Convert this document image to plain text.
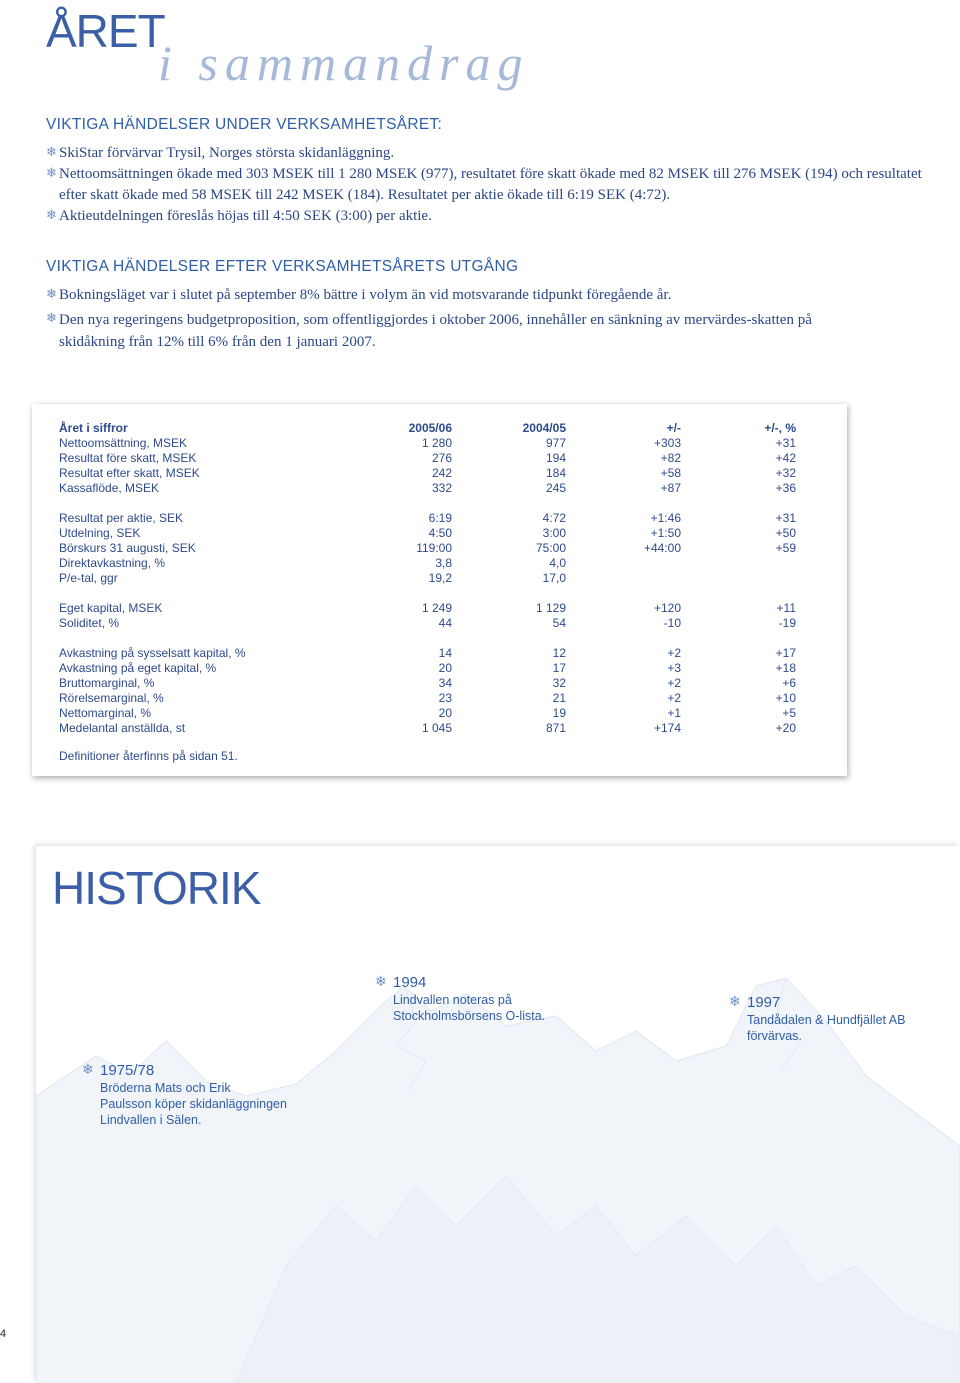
ÅRET
i sammandrag
VIKTIGA HÄNDELSER UNDER VERKSAMHETSÅRET:
❄ SkiStar förvärvar Trysil, Norges största skidanläggning.
❄ Nettoomsättningen ökade med 303 MSEK till 1 280 MSEK (977), resultatet före skatt ökade med 82 MSEK till 276 MSEK (194) och resultatet efter skatt ökade med 58 MSEK till 242 MSEK (184). Resultatet per aktie ökade till 6:19 SEK (4:72).
❄ Aktieutdelningen föreslås höjas till 4:50 SEK (3:00) per aktie.
VIKTIGA HÄNDELSER EFTER VERKSAMHETSÅRETS UTGÅNG
❄ Bokningsläget var i slutet på september 8% bättre i volym än vid motsvarande tidpunkt föregående år.
❄ Den nya regeringens budgetproposition, som offentliggjordes i oktober 2006, innehåller en sänkning av mervärdes-skatten på skidåkning från 12% till 6% från den 1 januari 2007.
Året i siffror	2005/06	2004/05	+/-	+/-, %
Nettoomsättning, MSEK	1 280	977	+303	+31
Resultat före skatt, MSEK	276	194	+82	+42
Resultat efter skatt, MSEK	242	184	+58	+32
Kassaflöde, MSEK	332	245	+87	+36
Resultat per aktie, SEK	6:19	4:72	+1:46	+31
Utdelning, SEK	4:50	3:00	+1:50	+50
Börskurs 31 augusti, SEK	119:00	75:00	+44:00	+59
Direktavkastning, %	3,8	4,0
P/e-tal, ggr	19,2	17,0
Eget kapital, MSEK	1 249	1 129	+120	+11
Soliditet, %	44	54	-10	-19
Avkastning på sysselsatt kapital, %	14	12	+2	+17
Avkastning på eget kapital, %	20	17	+3	+18
Bruttomarginal, %	34	32	+2	+6
Rörelsemarginal, %	23	21	+2	+10
Nettomarginal, %	20	19	+1	+5
Medelantal anställda, st	1 045	871	+174	+20
Definitioner återfinns på sidan 51.
HISTORIK
❄ 1975/78
Bröderna Mats och Erik
Paulsson köper skidanläggningen
Lindvallen i Sälen.
❄ 1994
Lindvallen noteras på
Stockholmsbörsens O-lista.
❄ 1997
Tandådalen & Hundfjället AB
förvärvas.
4
